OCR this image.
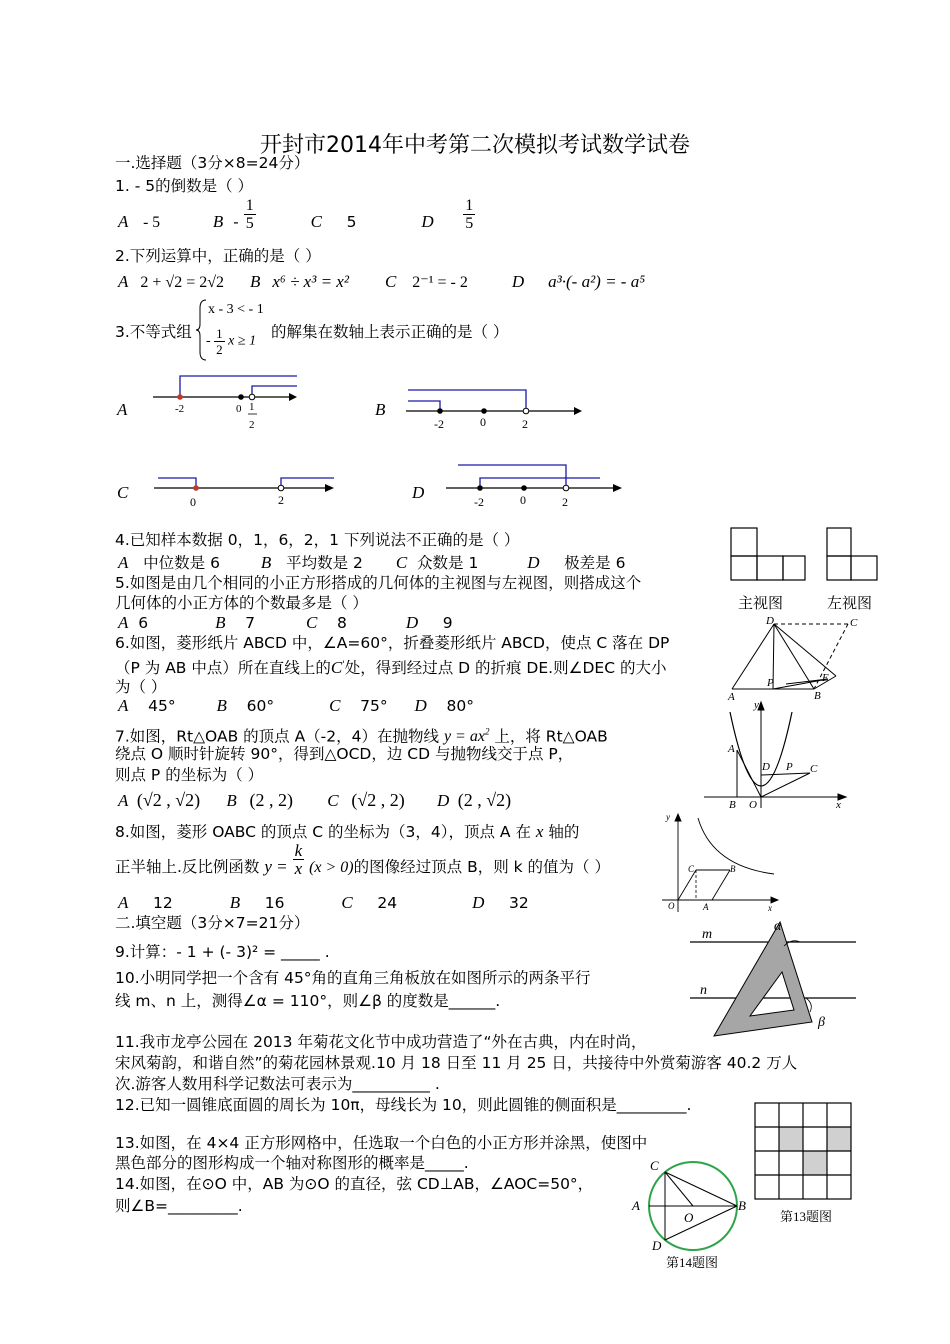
开封市2014年中考第二次模拟考试数学试卷
一.选择题（3分×8=24分）
1. - 5的倒数是（ ）
A - 5	B - $\frac{1}{5}$	C 5	D $\frac{1}{5}$
2.下列运算中，正确的是（ ）
A 2 + √2 = 2√2 B x⁶ ÷ x³ = x² C 2⁻¹ = - 2	D a³·(- a²) = - a⁵
3.不等式组
x - 3 < - 1
- $\frac{1}{2}$ x ≥ 1
的解集在数轴上表示正确的是（ ）
A	-2	0 1
2
B
-2	0	2
C	0	2	D	-2	0	2
4.已知样本数据 0，1，6，2，1 下列说法不正确的是（ ）
A 中位数是 6 B 平均数是 2 C 众数是 1	D 极差是 6
5.如图是由几个相同的小正方形搭成的几何体的主视图与左视图，则搭成这个
几何体的小正方体的个数最多是（ ）
A 6	B 7	C 8	D 9
主视图	左视图
6.如图，菱形纸片 ABCD 中，∠A=60°，折叠菱形纸片 ABCD，使点 C 落在 DP
（P 为 AB 中点）所在直线上的C'处，得到经过点 D 的折痕 DE.则∠DEC 的大小
为（ ）
A 45° B 60°	C 75° D 80°
D	C
A
P	E
B
7.如图，Rt△OAB 的顶点 A（-2，4）在抛物线 $y = ax^2$ 上，将 Rt△OAB
绕点 O 顺时针旋转 90°，得到△OCD，边 CD 与抛物线交于点 P，
则点 P 的坐标为（ ）
A (√2 , √2) B (2 , 2) C (√2 , 2) D (2 , √2)
y
A
D P C
B O	x
8.如图，菱形 OABC 的顶点 C 的坐标为（3，4），顶点 A 在 x 轴的
正半轴上.反比例函数 $y = \frac{k}{x} (x > 0)$的图像经过顶点 B，则 k 的值为（ ）
A 12	B 16	C 24	D 32
y
C	B
O	A	x
二.填空题（3分×7=21分）
9.计算：- 1 + (- 3)² = _____ .
10.小明同学把一个含有 45°角的直角三角板放在如图所示的两条平行
线 m、n 上，测得∠α = 110°，则∠β 的度数是______.
m
n
α
β
11.我市龙亭公园在 2013 年菊花文化节中成功营造了“外在古典，内在时尚，
宋风菊韵，和谐自然”的菊花园林景观.10 月 18 日至 11 月 25 日，共接待中外赏菊游客 40.2 万人
次.游客人数用科学记数法可表示为__________ .
12.已知一圆锥底面圆的周长为 10π，母线长为 10，则此圆锥的侧面积是_________.
13.如图，在 4×4 正方形网格中，任选取一个白色的小正方形并涂黑，使图中
黑色部分的图形构成一个轴对称图形的概率是_____.
第13题图
14.如图，在⊙O 中，AB 为⊙O 的直径，弦 CD⊥AB，∠AOC=50°，
则∠B=_________.
C
A
O
B
D
第14题图
